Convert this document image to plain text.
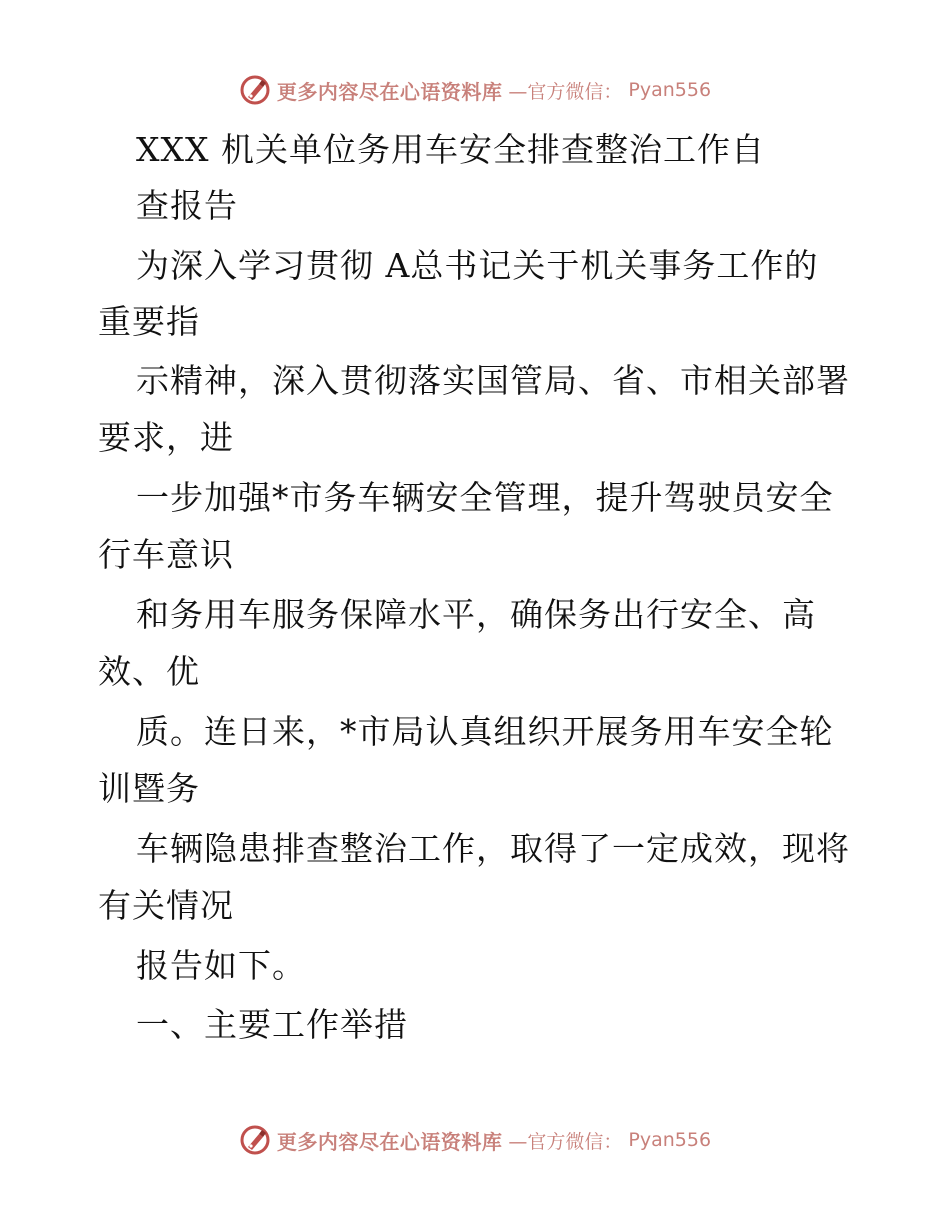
更多内容尽在心语资料库 —官方微信： Pyan556
XXX 机关单位务用车安全排查整治工作自
查报告
为深入学习贯彻 A总书记关于机关事务工作的
重要指
示精神，深入贯彻落实国管局、省、市相关部署
要求，进
一步加强*市务车辆安全管理，提升驾驶员安全
行车意识
和务用车服务保障水平，确保务出行安全、高
效、优
质。连日来，*市局认真组织开展务用车安全轮
训暨务
车辆隐患排查整治工作，取得了一定成效，现将
有关情况
报告如下。
一、主要工作举措
更多内容尽在心语资料库 —官方微信： Pyan556
